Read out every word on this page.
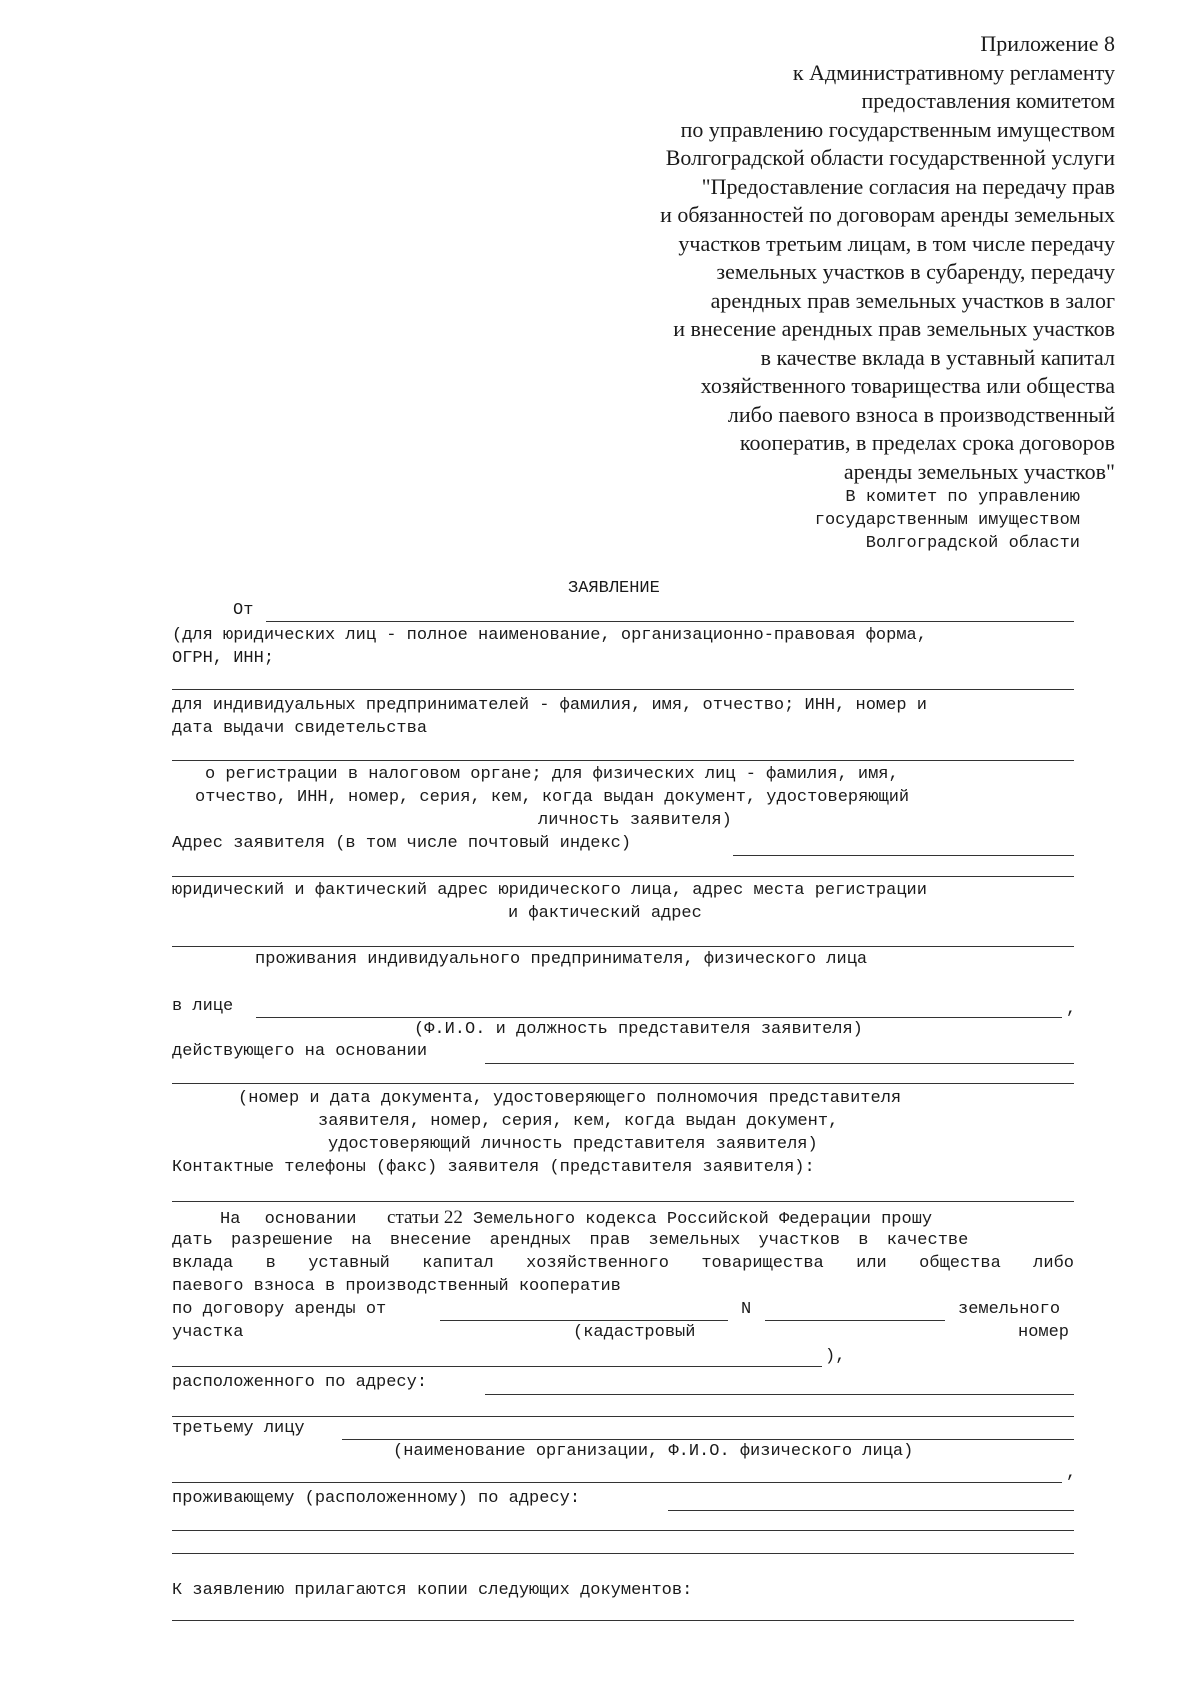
Приложение 8
к Административному регламенту
предоставления комитетом
по управлению государственным имуществом
Волгоградской области государственной услуги
"Предоставление согласия на передачу прав
и обязанностей по договорам аренды земельных
участков третьим лицам, в том числе передачу
земельных участков в субаренду, передачу
арендных прав земельных участков в залог
и внесение арендных прав земельных участков
в качестве вклада в уставный капитал
хозяйственного товарищества или общества
либо паевого взноса в производственный
кооператив, в пределах срока договоров
аренды земельных участков"
В комитет по управлению
государственным имуществом
Волгоградской области
ЗАЯВЛЕНИЕ
От
(для юридических лиц - полное наименование, организационно-правовая форма,
ОГРН, ИНН;
для индивидуальных предпринимателей - фамилия, имя, отчество; ИНН, номер и
дата выдачи свидетельства
о регистрации в налоговом органе; для физических лиц - фамилия, имя,
отчество, ИНН, номер, серия, кем, когда выдан документ, удостоверяющий
личность заявителя)
Адрес заявителя (в том числе почтовый индекс)
юридический и фактический адрес юридического лица, адрес места регистрации
и фактический адрес
проживания индивидуального предпринимателя, физического лица
в лице	,
(Ф.И.О. и должность представителя заявителя)
действующего на основании
(номер и дата документа, удостоверяющего полномочия представителя
заявителя, номер, серия, кем, когда выдан документ,
удостоверяющий личность представителя заявителя)
Контактные телефоны (факс) заявителя (представителя заявителя):
На основании статьи 22 Земельного кодекса Российской Федерации прошу
дать разрешение на внесение арендных прав земельных участков в качестве
вклада в уставный капитал хозяйственного товарищества или общества либо
паевого взноса в производственный кооператив
по договору аренды от	N	земельного
участка	(кадастровый	номер
),
расположенного по адресу:
третьему лицу
(наименование организации, Ф.И.О. физического лица)
,
проживающему (расположенному) по адресу:
К заявлению прилагаются копии следующих документов:
